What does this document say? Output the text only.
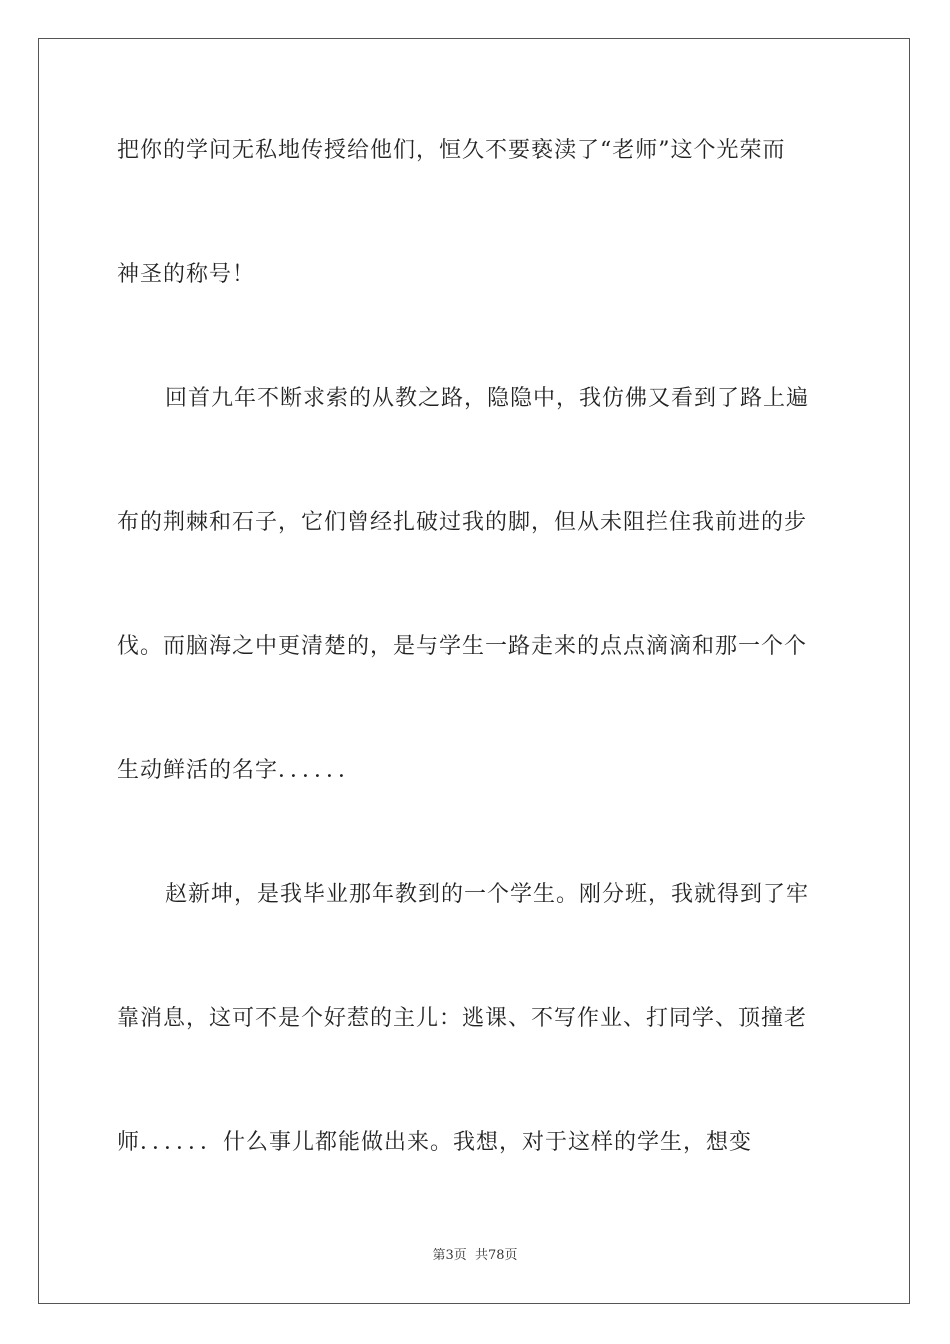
把你的学问无私地传授给他们，恒久不要亵渎了“老师”这个光荣而
神圣的称号！
回首九年不断求索的从教之路，隐隐中，我仿佛又看到了路上遍
布的荆棘和石子，它们曾经扎破过我的脚，但从未阻拦住我前进的步
伐。而脑海之中更清楚的，是与学生一路走来的点点滴滴和那一个个
生动鲜活的名字．．．．．．
赵新坤，是我毕业那年教到的一个学生。刚分班，我就得到了牢
靠消息，这可不是个好惹的主儿：逃课、不写作业、打同学、顶撞老
师．．．．．．什么事儿都能做出来。我想，对于这样的学生，想变
第3页 共78页
